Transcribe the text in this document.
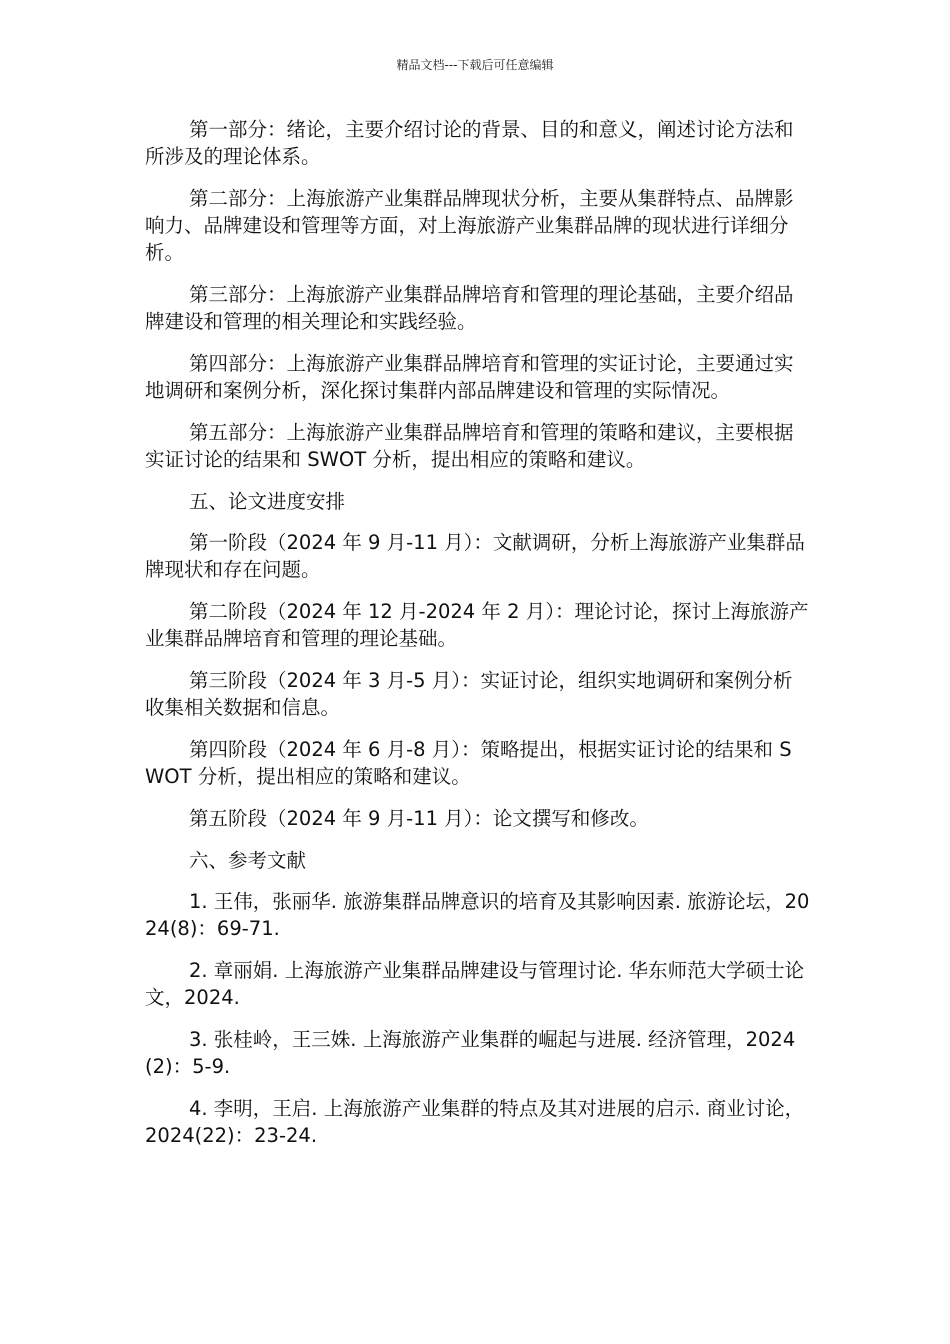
精品文档---下载后可任意编辑

第一部分：绪论，主要介绍讨论的背景、目的和意义，阐述讨论方法和所涉及的理论体系。

第二部分：上海旅游产业集群品牌现状分析，主要从集群特点、品牌影响力、品牌建设和管理等方面，对上海旅游产业集群品牌的现状进行详细分析。

第三部分：上海旅游产业集群品牌培育和管理的理论基础，主要介绍品牌建设和管理的相关理论和实践经验。

第四部分：上海旅游产业集群品牌培育和管理的实证讨论，主要通过实地调研和案例分析，深化探讨集群内部品牌建设和管理的实际情况。

第五部分：上海旅游产业集群品牌培育和管理的策略和建议，主要根据实证讨论的结果和 SWOT 分析，提出相应的策略和建议。

五、论文进度安排

第一阶段（2024 年 9 月-11 月）：文献调研，分析上海旅游产业集群品牌现状和存在问题。

第二阶段（2024 年 12 月-2024 年 2 月）：理论讨论，探讨上海旅游产业集群品牌培育和管理的理论基础。

第三阶段（2024 年 3 月-5 月）：实证讨论，组织实地调研和案例分析收集相关数据和信息。

第四阶段（2024 年 6 月-8 月）：策略提出，根据实证讨论的结果和 SWOT 分析，提出相应的策略和建议。

第五阶段（2024 年 9 月-11 月）：论文撰写和修改。

六、参考文献

1. 王伟，张丽华. 旅游集群品牌意识的培育及其影响因素. 旅游论坛，2024(8)：69-71.

2. 章丽娟. 上海旅游产业集群品牌建设与管理讨论. 华东师范大学硕士论文，2024.

3. 张桂岭，王三姝. 上海旅游产业集群的崛起与进展. 经济管理，2024(2)：5-9.

4. 李明，王启. 上海旅游产业集群的特点及其对进展的启示. 商业讨论，2024(22)：23-24.
